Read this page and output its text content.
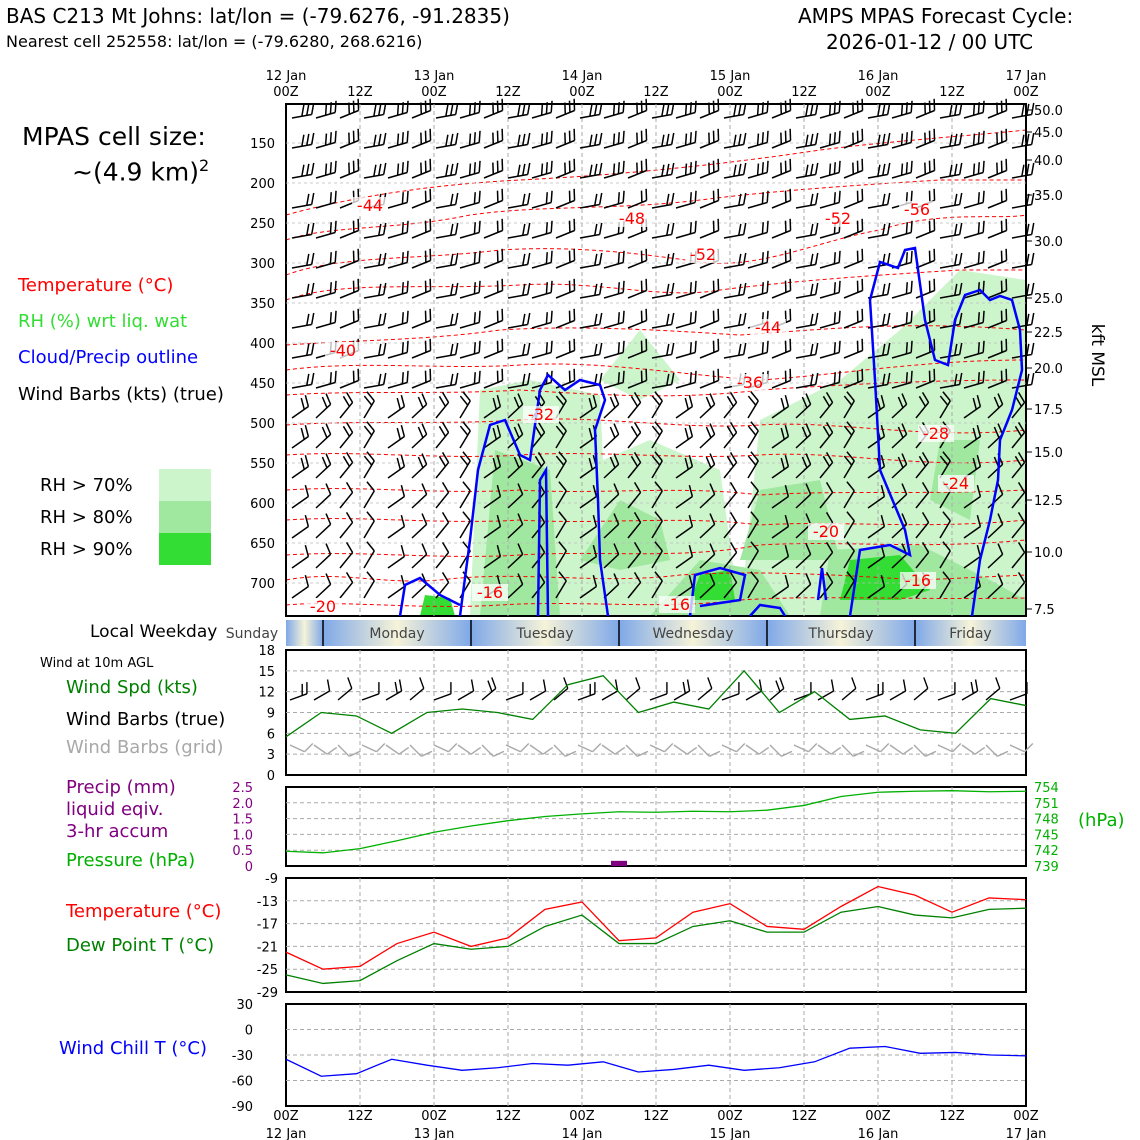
BAS C213 Mt Johns: lat/lon = (-79.6276, -91.2835)
Nearest cell 252558: lat/lon = (-79.6280, 268.6216)
AMPS MPAS Forecast Cycle:
2026-01-12 / 00 UTC
MPAS cell size:
~(4.9 km)$^2$
Temperature (°C)
RH (%) wrt liq. wat
Cloud/Precip outline
Wind Barbs (kts) (true)
RH > 70%
RH > 80%
RH > 90%
Local Weekday
Wind at 10m AGL
Wind Spd (kts)
Wind Barbs (true)
Wind Barbs (grid)
Precip (mm)
liquid eqiv.
3-hr accum
Pressure (hPa)
Temperature (°C)
Dew Point T (°C)
Wind Chill T (°C)
150
200
250
300
350
400
450
500
550
600
650
700
50.0
45.0
40.0
35.0
30.0
25.0
22.5
20.0
17.5
15.0
12.5
10.0
7.5
kft MSL
12 Jan
00Z	12Z
13 Jan
00Z	12Z
14 Jan
00Z	12Z
15 Jan
00Z	12Z
16 Jan
00Z	12Z
17 Jan
00Z
00Z
12 Jan
12Z	00Z
13 Jan
12Z	00Z
14 Jan
12Z	00Z
15 Jan
12Z	00Z
16 Jan
12Z	00Z
17 Jan
-44
-48	-52	-56
-52
-40
-44
-36
-32
-28
-24
-20
-16
-16
-16
-20
Sunday	Monday	Tuesday	Wednesday	Thursday	Friday
0
3
6
9
12
15
18
0
0.5
1.0
1.5
2.0
2.5
739
742
745
748
751
754
(hPa)
-9
-13
-17
-21
-25
-29
30
0
-30
-60
-90
